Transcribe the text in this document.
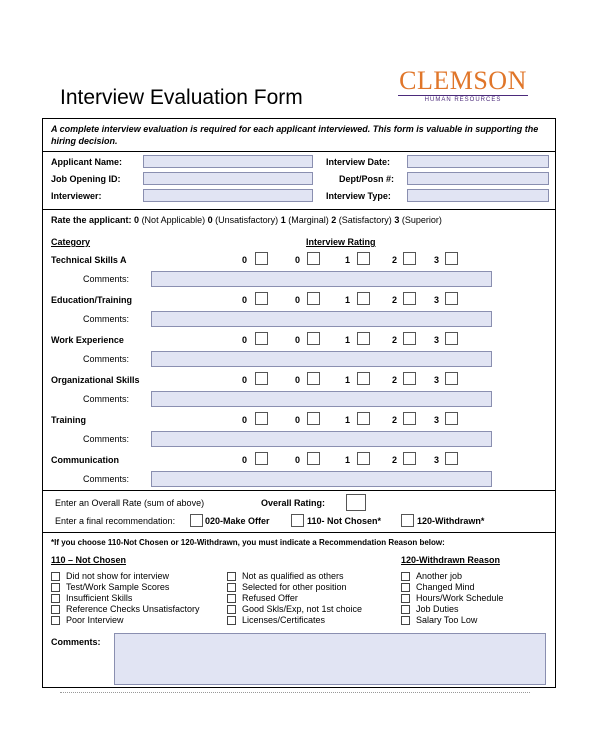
Interview Evaluation Form
CLEMSON
HUMAN RESOURCES
A complete interview evaluation is required for each applicant interviewed. This form is valuable in supporting the hiring decision.
Applicant Name:
Job Opening ID:
Interviewer:
Interview Date:
Dept/Posn #:
Interview Type:
Rate the applicant: 0 (Not Applicable) 0 (Unsatisfactory) 1 (Marginal) 2 (Satisfactory) 3 (Superior)
Category	Interview Rating
Technical Skills A	0	0	1	2	3
Comments:
Education/Training	0	0	1	2	3
Comments:
Work Experience	0	0	1	2	3
Comments:
Organizational Skills	0	0	1	2	3
Comments:
Training	0	0	1	2	3
Comments:
Communication	0	0	1	2	3
Comments:
Enter an Overall Rate (sum of above)	Overall Rating:
Enter a final recommendation:	020-Make Offer	110- Not Chosen*	120-Withdrawn*
*If you choose 110-Not Chosen or 120-Withdrawn, you must indicate a Recommendation Reason below:
110 – Not Chosen	120-Withdrawn Reason
Did not show for interview
Test/Work Sample Scores
Insufficient Skills
Reference Checks Unsatisfactory
Poor Interview
Not as qualified as others
Selected for other position
Refused Offer
Good Skls/Exp, not 1st choice
Licenses/Certificates
Another job
Changed Mind
Hours/Work Schedule
Job Duties
Salary Too Low
Comments:
